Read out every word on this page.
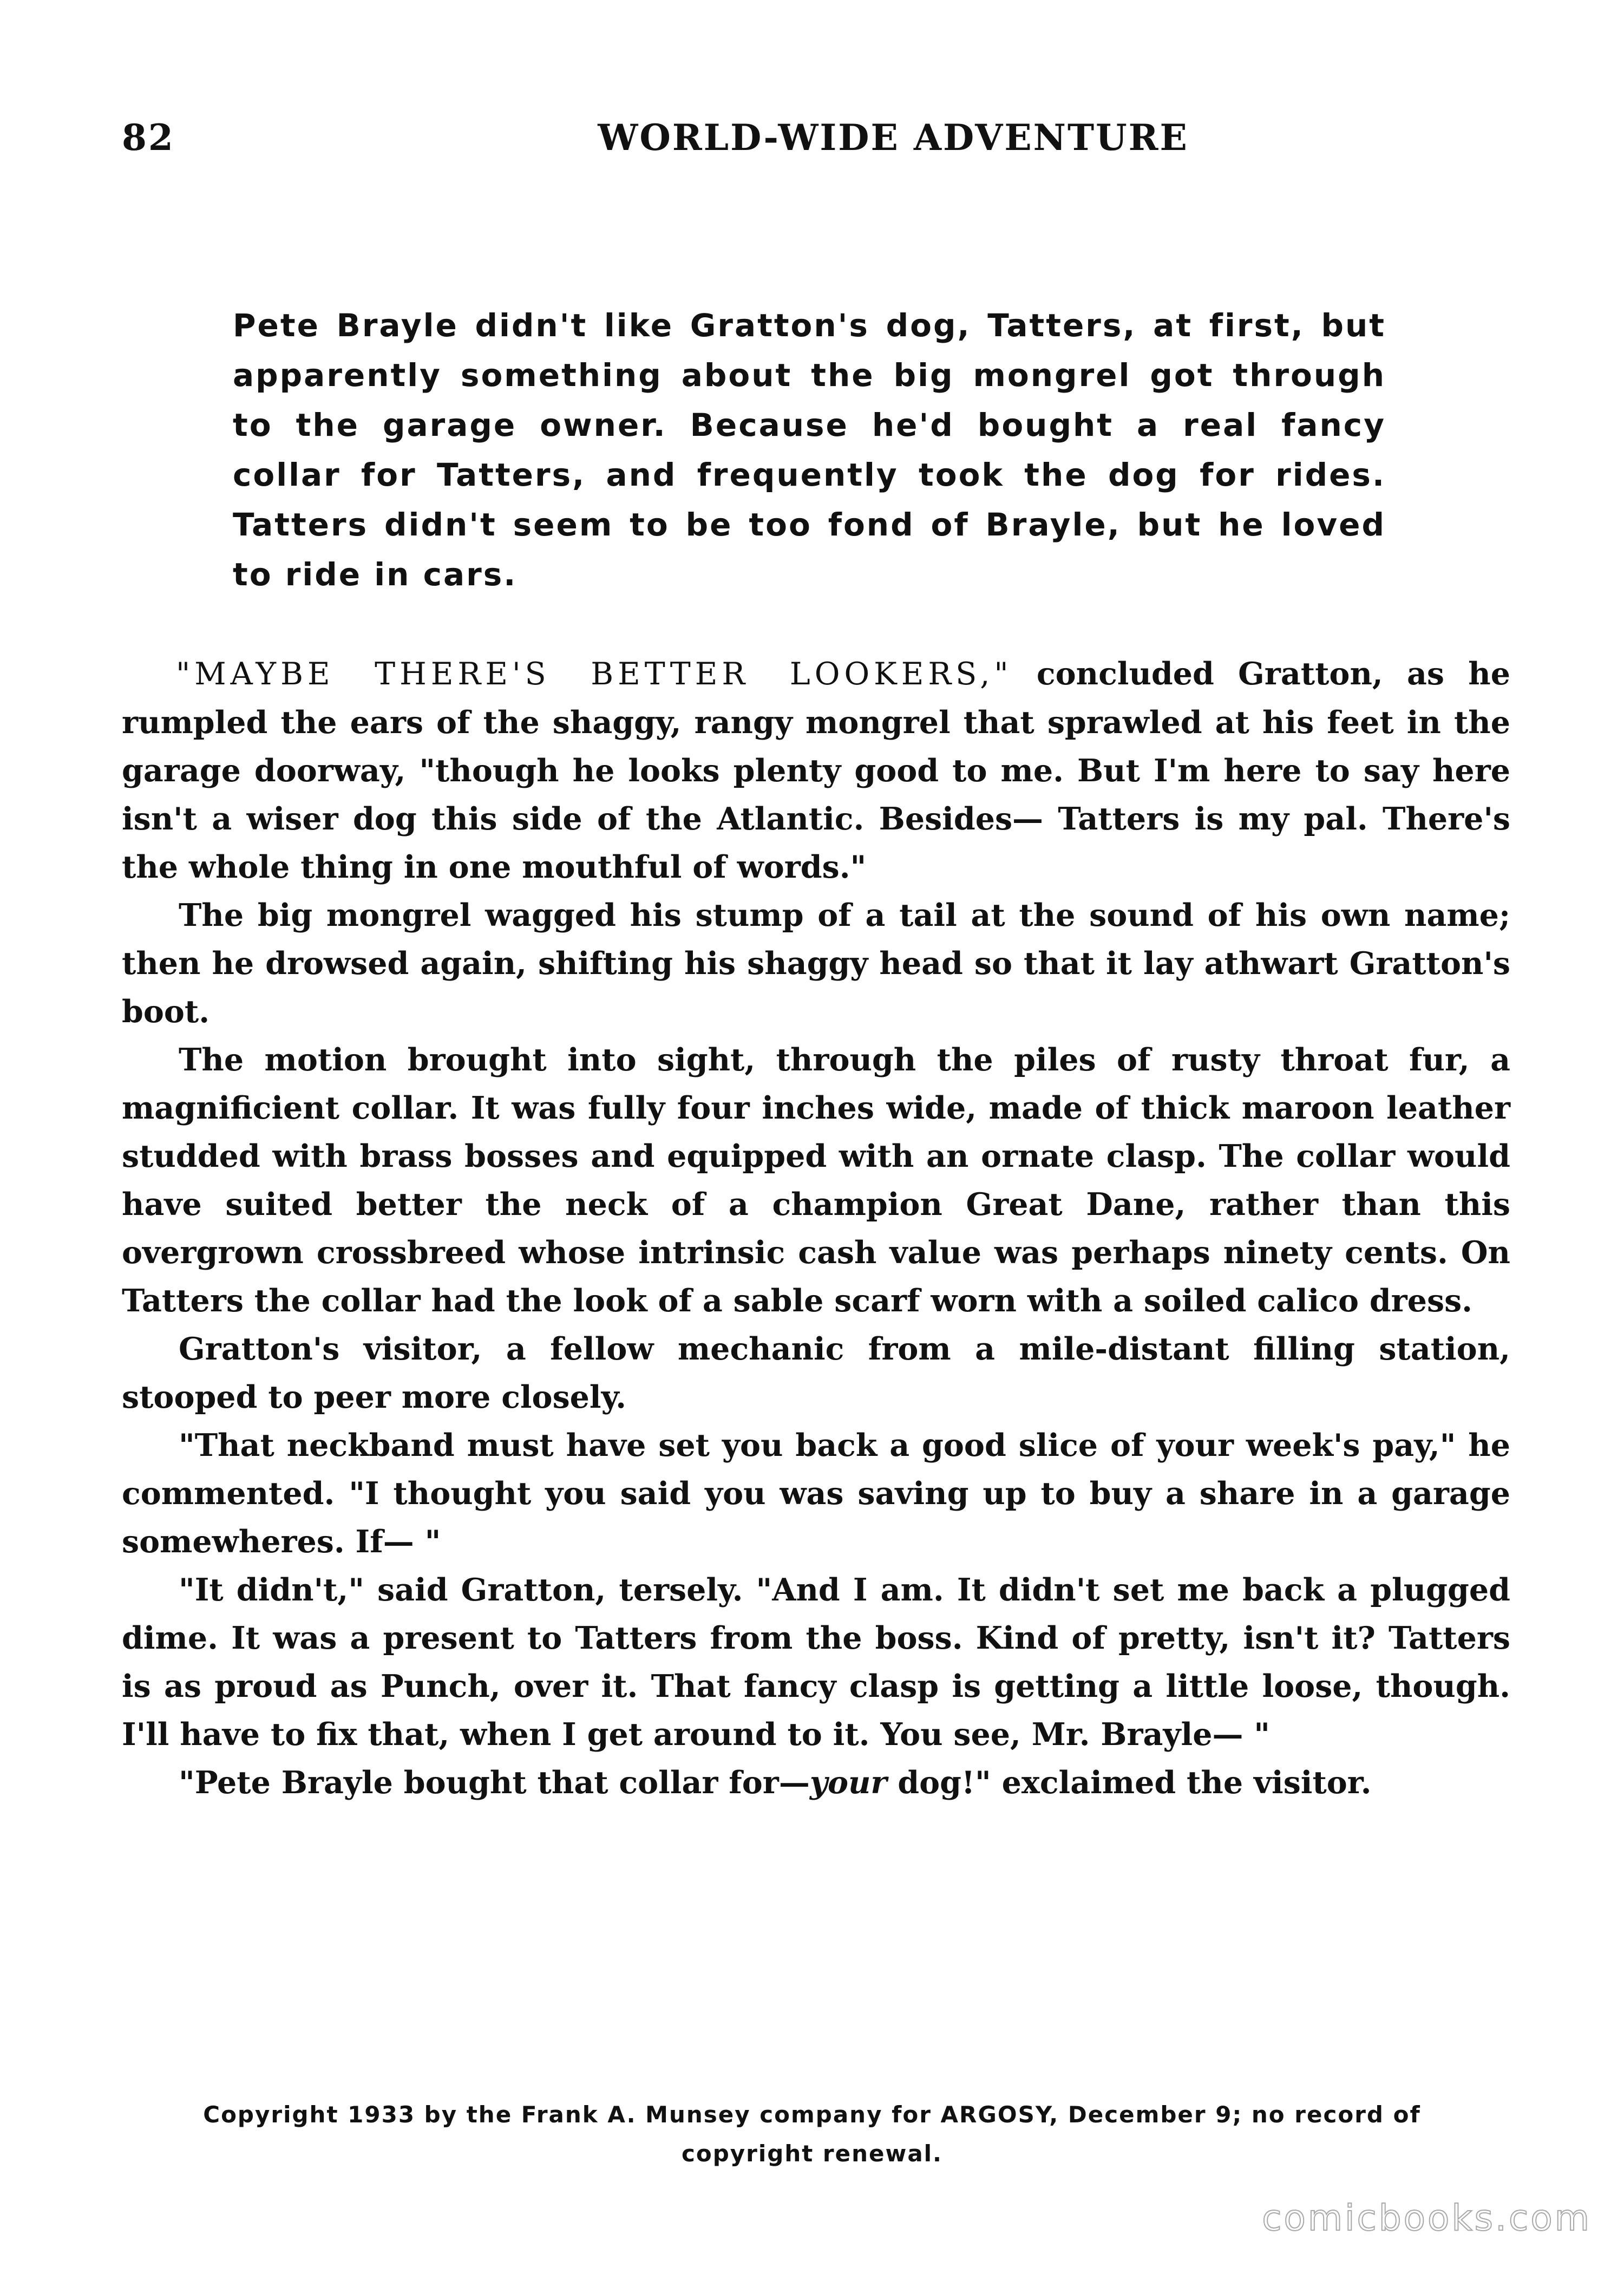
82	WORLD-WIDE ADVENTURE

Pete Brayle didn't like Gratton's dog, Tatters, at first, but apparently something about the big mongrel got through to the garage owner. Because he'd bought a real fancy collar for Tatters, and frequently took the dog for rides. Tatters didn't seem to be too fond of Brayle, but he loved to ride in cars.

"MAYBE THERE'S BETTER LOOKERS," concluded Gratton, as he rumpled the ears of the shaggy, rangy mongrel that sprawled at his feet in the garage doorway, "though he looks plenty good to me. But I'm here to say here isn't a wiser dog this side of the Atlantic. Besides— Tatters is my pal. There's the whole thing in one mouthful of words."

The big mongrel wagged his stump of a tail at the sound of his own name; then he drowsed again, shifting his shaggy head so that it lay athwart Gratton's boot.

The motion brought into sight, through the piles of rusty throat fur, a magnificient collar. It was fully four inches wide, made of thick maroon leather studded with brass bosses and equipped with an ornate clasp. The collar would have suited better the neck of a champion Great Dane, rather than this overgrown crossbreed whose intrinsic cash value was perhaps ninety cents. On Tatters the collar had the look of a sable scarf worn with a soiled calico dress.

Gratton's visitor, a fellow mechanic from a mile-distant filling station, stooped to peer more closely.

"That neckband must have set you back a good slice of your week's pay," he commented. "I thought you said you was saving up to buy a share in a garage somewheres. If— "

"It didn't," said Gratton, tersely. "And I am. It didn't set me back a plugged dime. It was a present to Tatters from the boss. Kind of pretty, isn't it? Tatters is as proud as Punch, over it. That fancy clasp is getting a little loose, though. I'll have to fix that, when I get around to it. You see, Mr. Brayle— "

"Pete Brayle bought that collar for—your dog!" exclaimed the visitor.

Copyright 1933 by the Frank A. Munsey company for ARGOSY, December 9; no record of copyright renewal.

comicbooks.com
